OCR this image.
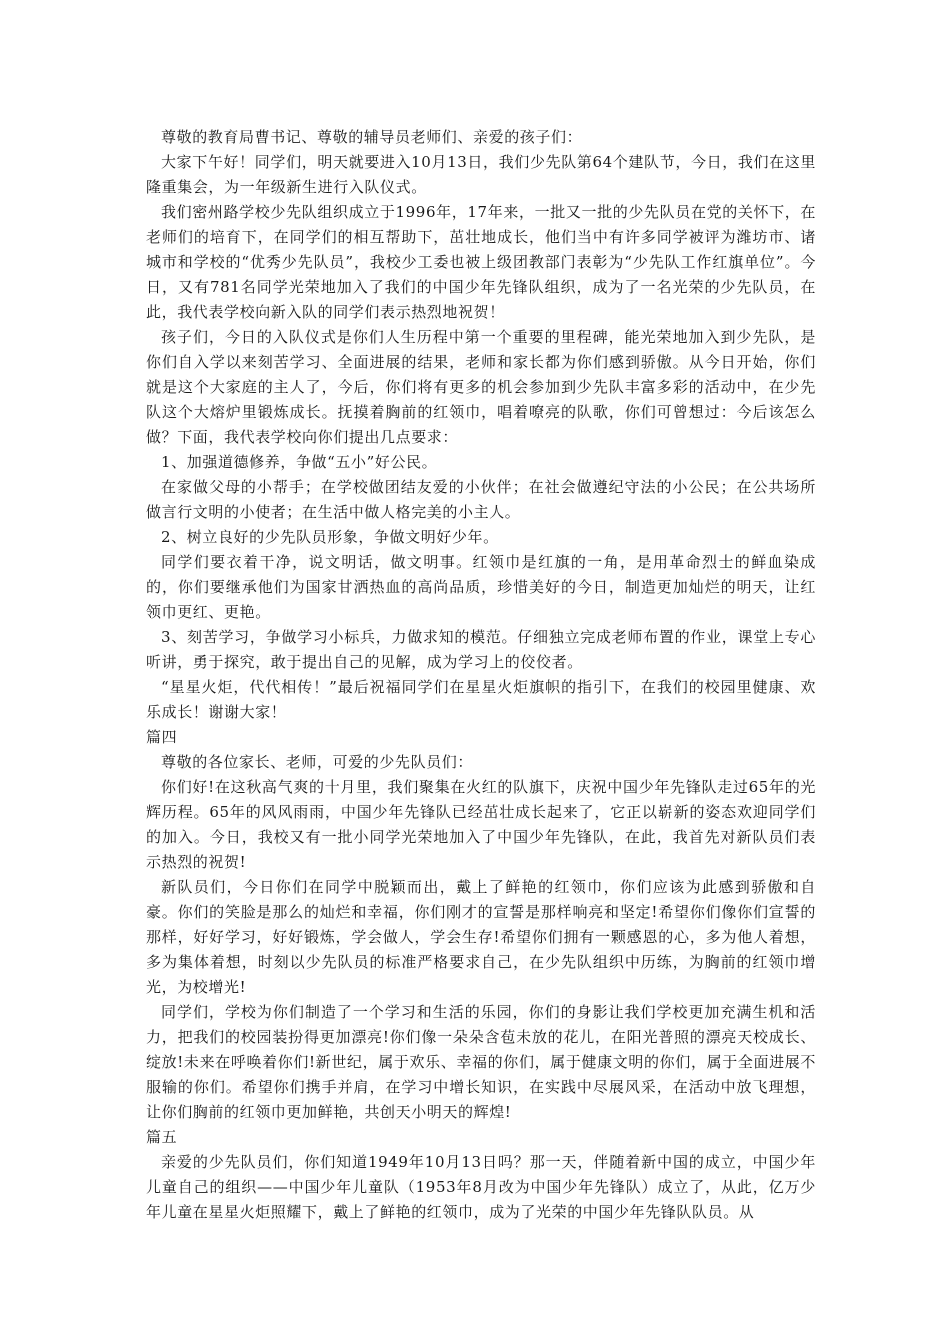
尊敬的教育局曹书记、尊敬的辅导员老师们、亲爱的孩子们：

大家下午好！同学们，明天就要进入10月13日，我们少先队第64个建队节，今日，我们在这里隆重集会，为一年级新生进行入队仪式。

我们密州路学校少先队组织成立于1996年，17年来，一批又一批的少先队员在党的关怀下，在老师们的培育下，在同学们的相互帮助下，茁壮地成长，他们当中有许多同学被评为潍坊市、诸城市和学校的“优秀少先队员”，我校少工委也被上级团教部门表彰为“少先队工作红旗单位”。今日，又有781名同学光荣地加入了我们的中国少年先锋队组织，成为了一名光荣的少先队员，在此，我代表学校向新入队的同学们表示热烈地祝贺！

孩子们，今日的入队仪式是你们人生历程中第一个重要的里程碑，能光荣地加入到少先队，是你们自入学以来刻苦学习、全面进展的结果，老师和家长都为你们感到骄傲。从今日开始，你们就是这个大家庭的主人了，今后，你们将有更多的机会参加到少先队丰富多彩的活动中，在少先队这个大熔炉里锻炼成长。抚摸着胸前的红领巾，唱着嘹亮的队歌，你们可曾想过：今后该怎么做？下面，我代表学校向你们提出几点要求：

1、加强道德修养，争做“五小”好公民。

在家做父母的小帮手；在学校做团结友爱的小伙伴；在社会做遵纪守法的小公民；在公共场所做言行文明的小使者；在生活中做人格完美的小主人。

2、树立良好的少先队员形象，争做文明好少年。

同学们要衣着干净，说文明话，做文明事。红领巾是红旗的一角，是用革命烈士的鲜血染成的，你们要继承他们为国家甘洒热血的高尚品质，珍惜美好的今日，制造更加灿烂的明天，让红领巾更红、更艳。

3、刻苦学习，争做学习小标兵，力做求知的模范。仔细独立完成老师布置的作业，课堂上专心听讲，勇于探究，敢于提出自己的见解，成为学习上的佼佼者。

“星星火炬，代代相传！”最后祝福同学们在星星火炬旗帜的指引下，在我们的校园里健康、欢乐成长！谢谢大家！

篇四

尊敬的各位家长、老师，可爱的少先队员们：

你们好!在这秋高气爽的十月里，我们聚集在火红的队旗下，庆祝中国少年先锋队走过65年的光辉历程。65年的风风雨雨，中国少年先锋队已经茁壮成长起来了，它正以崭新的姿态欢迎同学们的加入。今日，我校又有一批小同学光荣地加入了中国少年先锋队，在此，我首先对新队员们表示热烈的祝贺!

新队员们，今日你们在同学中脱颖而出，戴上了鲜艳的红领巾，你们应该为此感到骄傲和自豪。你们的笑脸是那么的灿烂和幸福，你们刚才的宣誓是那样响亮和坚定!希望你们像你们宣誓的那样，好好学习，好好锻炼，学会做人，学会生存!希望你们拥有一颗感恩的心，多为他人着想，多为集体着想，时刻以少先队员的标准严格要求自己，在少先队组织中历练，为胸前的红领巾增光，为校增光!

同学们，学校为你们制造了一个学习和生活的乐园，你们的身影让我们学校更加充满生机和活力，把我们的校园装扮得更加漂亮!你们像一朵朵含苞未放的花儿，在阳光普照的漂亮天校成长、绽放!未来在呼唤着你们!新世纪，属于欢乐、幸福的你们，属于健康文明的你们，属于全面进展不服输的你们。希望你们携手并肩，在学习中增长知识，在实践中尽展风采，在活动中放飞理想，让你们胸前的红领巾更加鲜艳，共创天小明天的辉煌!

篇五

亲爱的少先队员们，你们知道1949年10月13日吗？那一天，伴随着新中国的成立，中国少年儿童自己的组织——中国少年儿童队（1953年8月改为中国少年先锋队）成立了，从此，亿万少年儿童在星星火炬照耀下，戴上了鲜艳的红领巾，成为了光荣的中国少年先锋队队员。从
